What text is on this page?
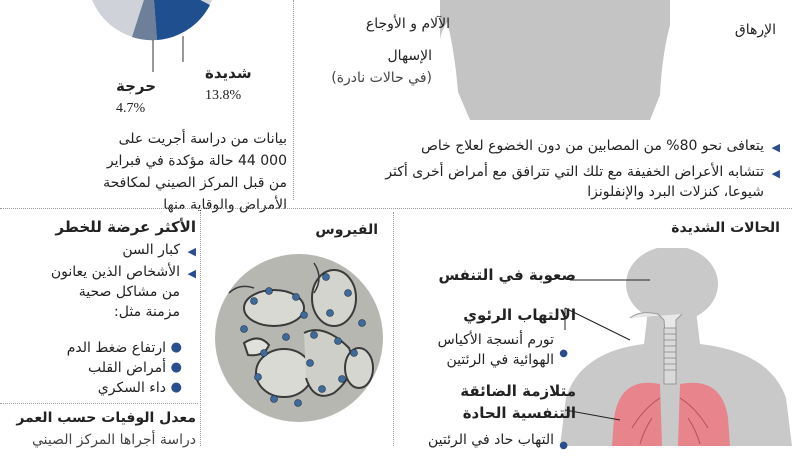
شديدة
13.8%
حرجة
4.7%
بيانات من دراسة أجريت على 000 44 حالة مؤكدة في فبراير من قبل المركز الصيني لمكافحة الأمراض والوقاية منها
الآلام و الأوجاع	الإرهاق
الإسهال
(في حالات نادرة)
◀
يتعافى نحو 80% من المصابين من دون الخضوع لعلاج خاص
◀
تتشابه الأعراض الخفيفة مع تلك التي تترافق مع أمراض أخرى أكثر شيوعا، كنزلات البرد والإنفلونزا
الأكثر عرضة للخطر
◀
كبار السن
◀
الأشخاص الذين يعانون من مشاكل صحية مزمنة مثل:
●
ارتفاع ضغط الدم
●
أمراض القلب
●
داء السكري
معدل الوفيات حسب العمر
دراسة أجراها المركز الصيني
الفيروس	الحالات الشديدة
صعوبة في التنفس
الالتهاب الرئوي
●
تورم أنسجة الأكياس الهوائية في الرئتين
متلازمة الضائقة التنفسية الحادة
●
التهاب حاد في الرئتين
